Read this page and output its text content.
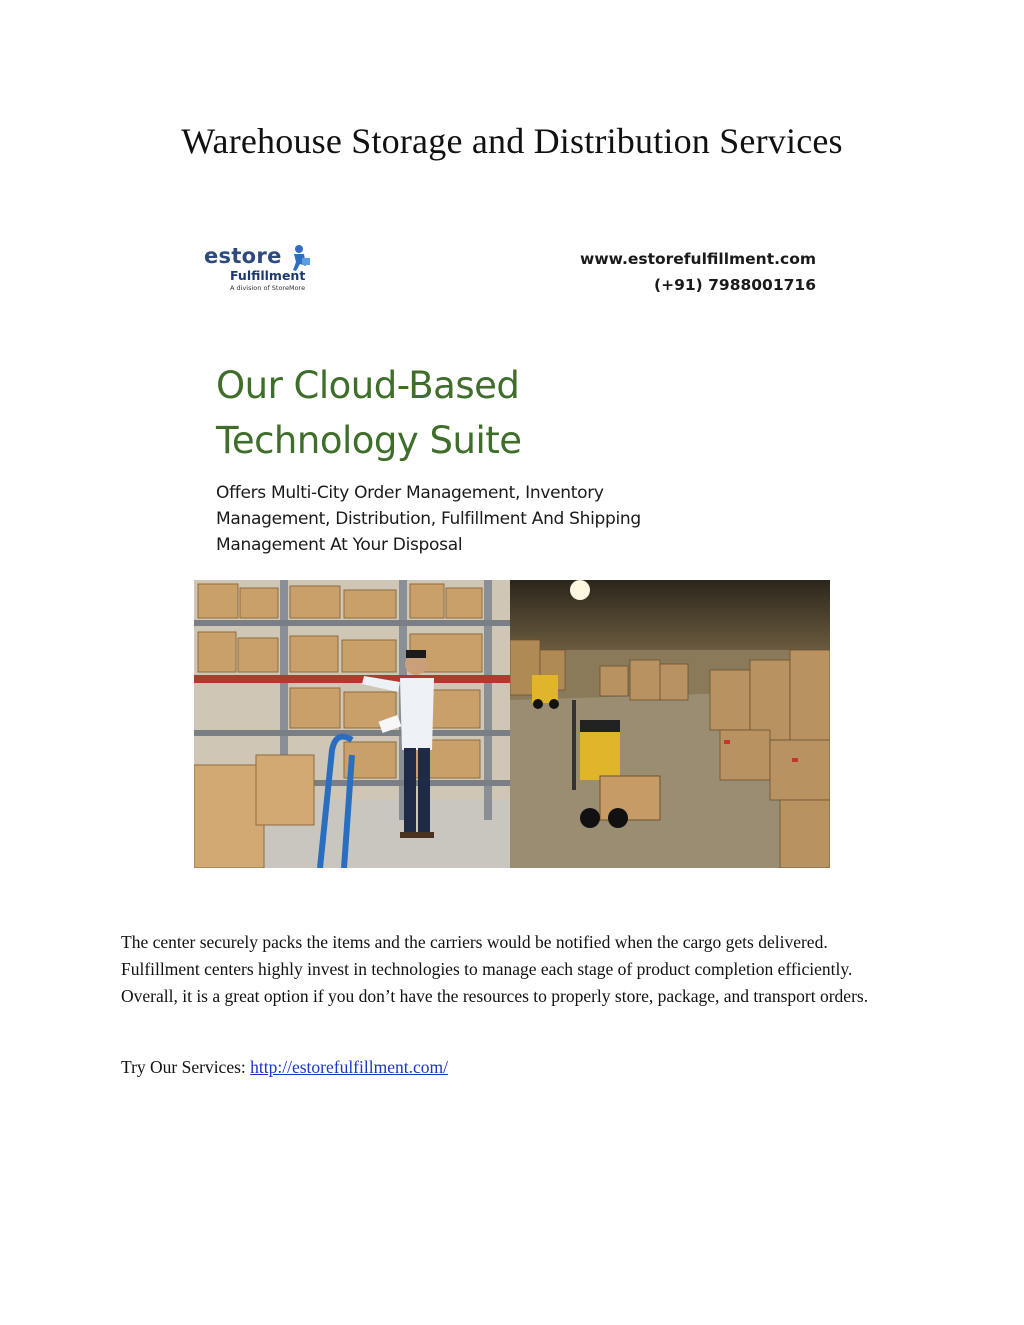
Warehouse Storage and Distribution Services
estore
Fulfillment
A division of StoreMore
www.estorefulfillment.com
(+91) 7988001716
Our Cloud-Based
Technology Suite
Offers Multi-City Order Management, Inventory
Management, Distribution, Fulfillment And Shipping
Management At Your Disposal

The center securely packs the items and the carriers would be notified when the cargo gets delivered. Fulfillment centers highly invest in technologies to manage each stage of product completion efficiently. Overall, it is a great option if you don’t have the resources to properly store, package, and transport orders.

Try Our Services: http://estorefulfillment.com/
